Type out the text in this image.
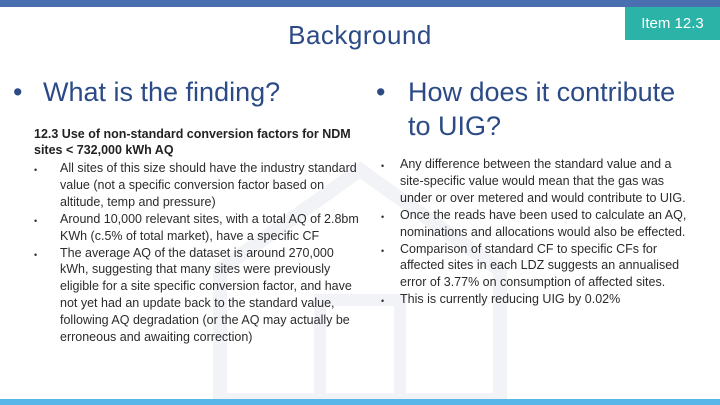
Background	Item 12.3
• What is the finding?
12.3 Use of non-standard conversion factors for NDM sites < 732,000 kWh AQ
• All sites of this size should have the industry standard value (not a specific conversion factor based on altitude, temp and pressure)
• Around 10,000 relevant sites, with a total AQ of 2.8bm KWh (c.5% of total market), have a specific CF
• The average AQ of the dataset is around 270,000 kWh, suggesting that many sites were previously eligible for a site specific conversion factor, and have not yet had an update back to the standard value, following AQ degradation (or the AQ may actually be erroneous and awaiting correction)
• How does it contribute to UIG?
• Any difference between the standard value and a site-specific value would mean that the gas was under or over metered and would contribute to UIG.
• Once the reads have been used to calculate an AQ, nominations and allocations would also be effected.
• Comparison of standard CF to specific CFs for affected sites in each LDZ suggests an annualised error of 3.77% on consumption of affected sites.
• This is currently reducing UIG by 0.02%
